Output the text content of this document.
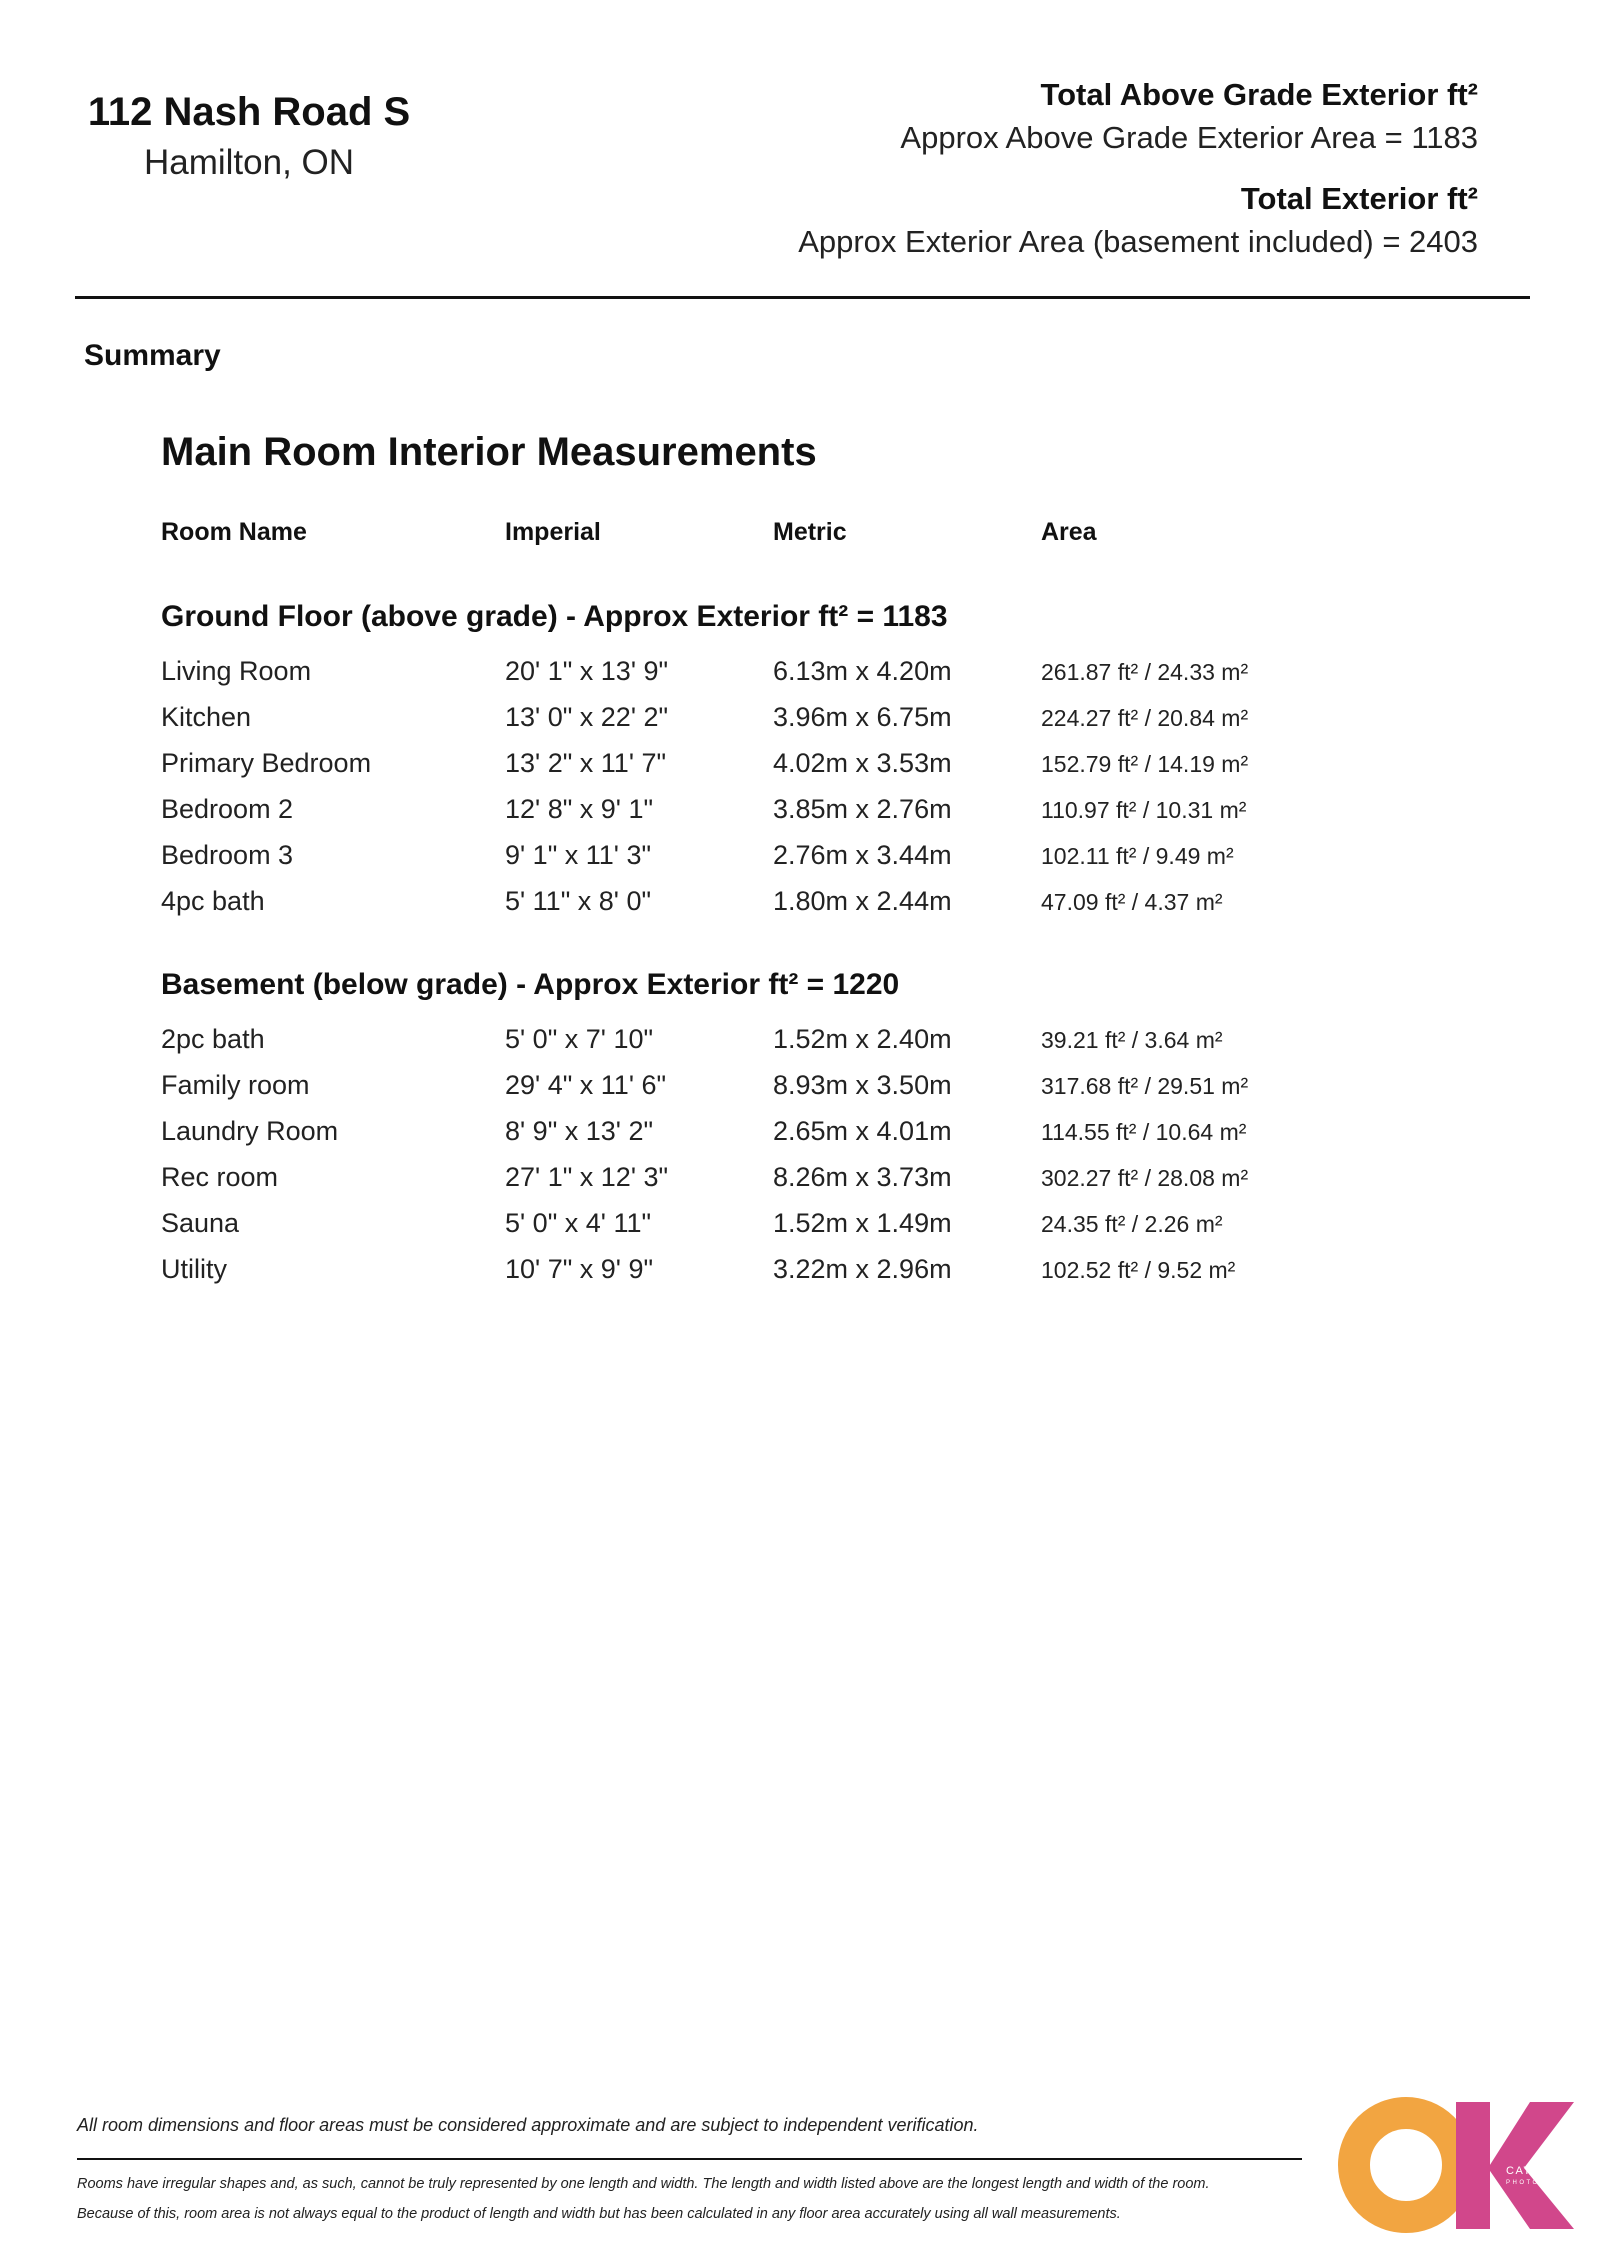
112 Nash Road S
Hamilton, ON
Total Above Grade Exterior ft²
Approx Above Grade Exterior Area = 1183
Total Exterior ft²
Approx Exterior Area (basement included) = 2403
Summary
Main Room Interior Measurements
Room Name	Imperial	Metric	Area
Ground Floor (above grade) - Approx Exterior ft² = 1183
Living Room	20' 1" x 13' 9"	6.13m x 4.20m	261.87 ft² / 24.33 m²
Kitchen	13' 0" x 22' 2"	3.96m x 6.75m	224.27 ft² / 20.84 m²
Primary Bedroom	13' 2" x 11' 7"	4.02m x 3.53m	152.79 ft² / 14.19 m²
Bedroom 2	12' 8" x 9' 1"	3.85m x 2.76m	110.97 ft² / 10.31 m²
Bedroom 3	9' 1" x 11' 3"	2.76m x 3.44m	102.11 ft² / 9.49 m²
4pc bath	5' 11" x 8' 0"	1.80m x 2.44m	47.09 ft² / 4.37 m²
Basement (below grade) - Approx Exterior ft² = 1220
2pc bath	5' 0" x 7' 10"	1.52m x 2.40m	39.21 ft² / 3.64 m²
Family room	29' 4" x 11' 6"	8.93m x 3.50m	317.68 ft² / 29.51 m²
Laundry Room	8' 9" x 13' 2"	2.65m x 4.01m	114.55 ft² / 10.64 m²
Rec room	27' 1" x 12' 3"	8.26m x 3.73m	302.27 ft² / 28.08 m²
Sauna	5' 0" x 4' 11"	1.52m x 1.49m	24.35 ft² / 2.26 m²
Utility	10' 7" x 9' 9"	3.22m x 2.96m	102.52 ft² / 9.52 m²
All room dimensions and floor areas must be considered approximate and are subject to independent verification.
Rooms have irregular shapes and, as such, cannot be truly represented by one length and width. The length and width listed above are the longest length and width of the room.
Because of this, room area is not always equal to the product of length and width but has been calculated in any floor area accurately using all wall measurements.
CATHY KOOP
PHOTOGRAPHY
